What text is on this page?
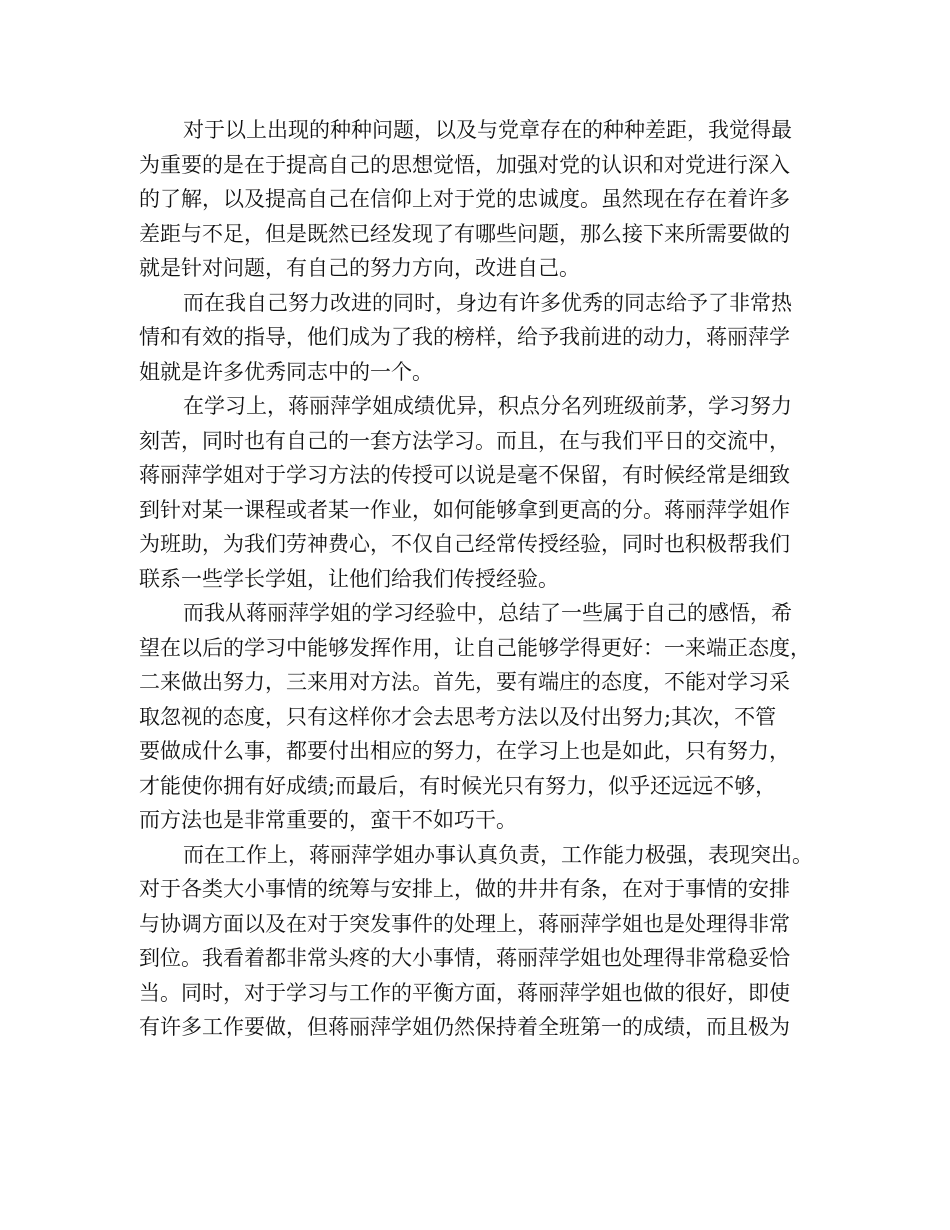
对于以上出现的种种问题，以及与党章存在的种种差距，我觉得最
为重要的是在于提高自己的思想觉悟，加强对党的认识和对党进行深入
的了解，以及提高自己在信仰上对于党的忠诚度。虽然现在存在着许多
差距与不足，但是既然已经发现了有哪些问题，那么接下来所需要做的
就是针对问题，有自己的努力方向，改进自己。
而在我自己努力改进的同时，身边有许多优秀的同志给予了非常热
情和有效的指导，他们成为了我的榜样，给予我前进的动力，蒋丽萍学
姐就是许多优秀同志中的一个。
在学习上，蒋丽萍学姐成绩优异，积点分名列班级前茅，学习努力
刻苦，同时也有自己的一套方法学习。而且，在与我们平日的交流中，
蒋丽萍学姐对于学习方法的传授可以说是毫不保留，有时候经常是细致
到针对某一课程或者某一作业，如何能够拿到更高的分。蒋丽萍学姐作
为班助，为我们劳神费心，不仅自己经常传授经验，同时也积极帮我们
联系一些学长学姐，让他们给我们传授经验。
而我从蒋丽萍学姐的学习经验中，总结了一些属于自己的感悟，希
望在以后的学习中能够发挥作用，让自己能够学得更好：一来端正态度，
二来做出努力，三来用对方法。首先，要有端庄的态度，不能对学习采
取忽视的态度，只有这样你才会去思考方法以及付出努力;其次，不管
要做成什么事，都要付出相应的努力，在学习上也是如此，只有努力，
才能使你拥有好成绩;而最后，有时候光只有努力，似乎还远远不够，
而方法也是非常重要的，蛮干不如巧干。
而在工作上，蒋丽萍学姐办事认真负责，工作能力极强，表现突出。
对于各类大小事情的统筹与安排上，做的井井有条，在对于事情的安排
与协调方面以及在对于突发事件的处理上，蒋丽萍学姐也是处理得非常
到位。我看着都非常头疼的大小事情，蒋丽萍学姐也处理得非常稳妥恰
当。同时，对于学习与工作的平衡方面，蒋丽萍学姐也做的很好，即使
有许多工作要做，但蒋丽萍学姐仍然保持着全班第一的成绩，而且极为
